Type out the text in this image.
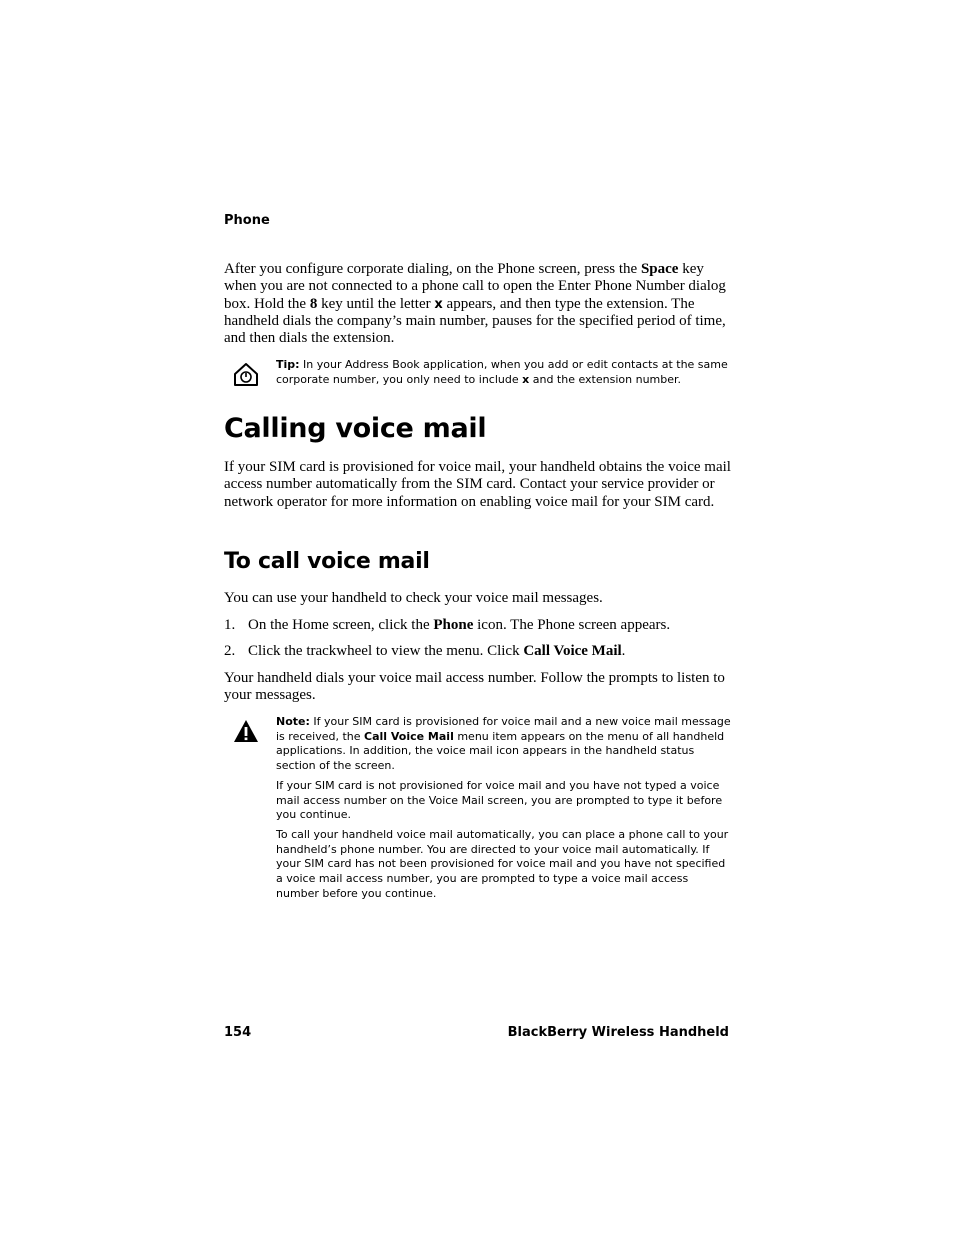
Phone
After you configure corporate dialing, on the Phone screen, press the Space key when you are not connected to a phone call to open the Enter Phone Number dialog box. Hold the 8 key until the letter x appears, and then type the extension. The handheld dials the company’s main number, pauses for the specified period of time, and then dials the extension.
Tip: In your Address Book application, when you add or edit contacts at the same corporate number, you only need to include x and the extension number.
Calling voice mail
If your SIM card is provisioned for voice mail, your handheld obtains the voice mail access number automatically from the SIM card. Contact your service provider or network operator for more information on enabling voice mail for your SIM card.
To call voice mail
You can use your handheld to check your voice mail messages.
1. On the Home screen, click the Phone icon. The Phone screen appears.
2. Click the trackwheel to view the menu. Click Call Voice Mail.
Your handheld dials your voice mail access number. Follow the prompts to listen to your messages.
Note: If your SIM card is provisioned for voice mail and a new voice mail message is received, the Call Voice Mail menu item appears on the menu of all handheld applications. In addition, the voice mail icon appears in the handheld status section of the screen.
If your SIM card is not provisioned for voice mail and you have not typed a voice mail access number on the Voice Mail screen, you are prompted to type it before you continue.
To call your handheld voice mail automatically, you can place a phone call to your handheld’s phone number. You are directed to your voice mail automatically. If your SIM card has not been provisioned for voice mail and you have not specified a voice mail access number, you are prompted to type a voice mail access number before you continue.
154	BlackBerry Wireless Handheld
